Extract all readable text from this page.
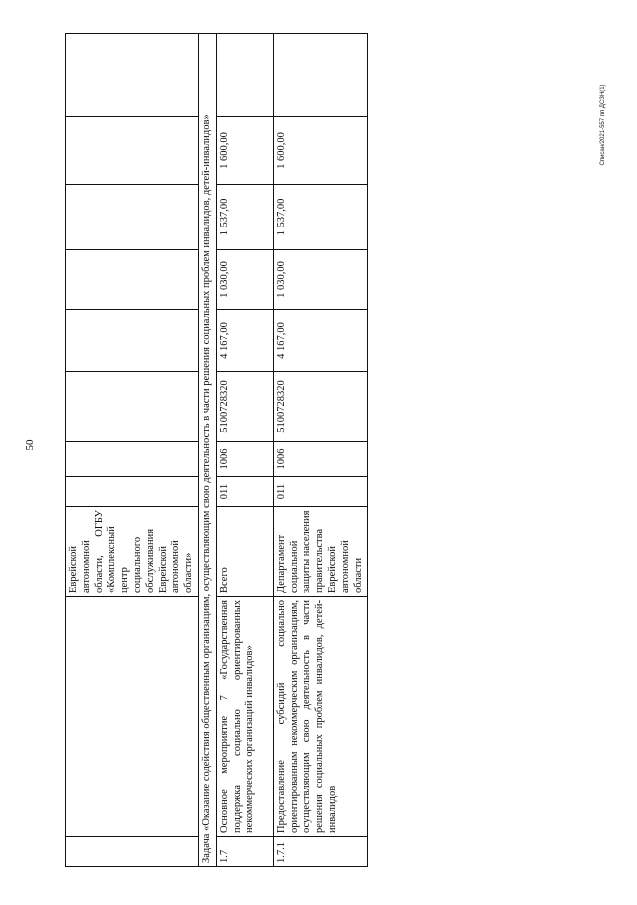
50
Списан/2021-557 пп ДСЗН(1)
		Еврейской автономной области, ОГБУ «Комплексный центр социального обслуживания Еврейской автономной области»								
Задача «Оказание содействия общественным организациям, осуществляющим свою деятельность в части решения социальных проблем инвалидов, детей-инвалидов»										
1.7	Основное мероприятие 7 «Государственная поддержка социально ориентированных некоммерческих организаций инвалидов»	Всего	011	1006	5100728320	4 167,00	1 030,00	1 537,00	1 600,00	
1.7.1	Предоставление субсидий социально ориентированным некоммерческим организациям, осуществляющим свою деятельность в части решения социальных проблем инвалидов, детей-инвалидов	Департамент социальной защиты населения правительства Еврейской автономной области	011	1006	5100728320	4 167,00	1 030,00	1 537,00	1 600,00	
